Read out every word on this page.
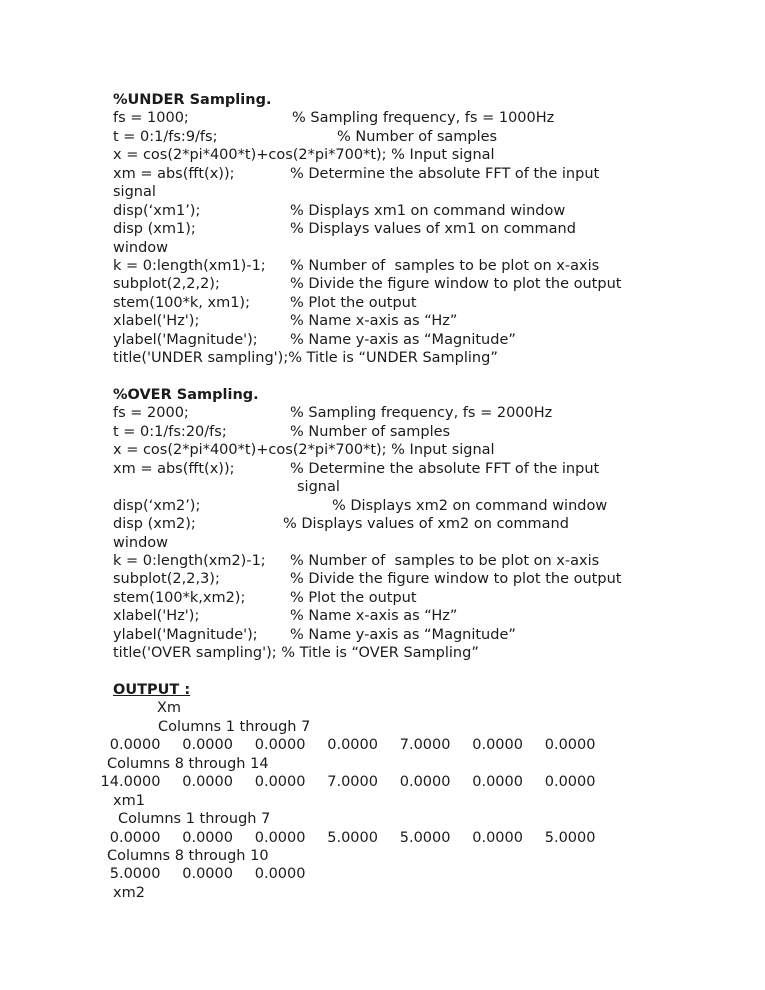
%UNDER Sampling.
fs = 1000;	% Sampling frequency, fs = 1000Hz
t = 0:1/fs:9/fs;	% Number of samples
x = cos(2*pi*400*t)+cos(2*pi*700*t); % Input signal
xm = abs(fft(x));	% Determine the absolute FFT of the input
signal
disp(‘xm1’);	% Displays xm1 on command window
disp (xm1);	% Displays values of xm1 on command
window
k = 0:length(xm1)-1; % Number of  samples to be plot on x-axis
subplot(2,2,2);	% Divide the figure window to plot the output
stem(100*k, xm1);	% Plot the output
xlabel('Hz');	% Name x-axis as “Hz”
ylabel('Magnitude'); % Name y-axis as “Magnitude”
title('UNDER sampling');% Title is “UNDER Sampling”
%OVER Sampling.
fs = 2000;	% Sampling frequency, fs = 2000Hz
t = 0:1/fs:20/fs;	% Number of samples
x = cos(2*pi*400*t)+cos(2*pi*700*t); % Input signal
xm = abs(fft(x));	% Determine the absolute FFT of the input
signal
disp(‘xm2’);	% Displays xm2 on command window
disp (xm2);	% Displays values of xm2 on command
window
k = 0:length(xm2)-1; % Number of  samples to be plot on x-axis
subplot(2,2,3);	% Divide the figure window to plot the output
stem(100*k,xm2);	% Plot the output
xlabel('Hz');	% Name x-axis as “Hz”
ylabel('Magnitude'); % Name y-axis as “Magnitude”
title('OVER sampling'); % Title is “OVER Sampling”
OUTPUT :
Xm
Columns 1 through 7
0.0000 0.0000 0.0000 0.0000 7.0000 0.0000 0.0000
Columns 8 through 14
14.0000 0.0000 0.0000 7.0000 0.0000 0.0000 0.0000
xm1
Columns 1 through 7
0.0000 0.0000 0.0000 5.0000 5.0000 0.0000 5.0000
Columns 8 through 10
5.0000 0.0000 0.0000
xm2
